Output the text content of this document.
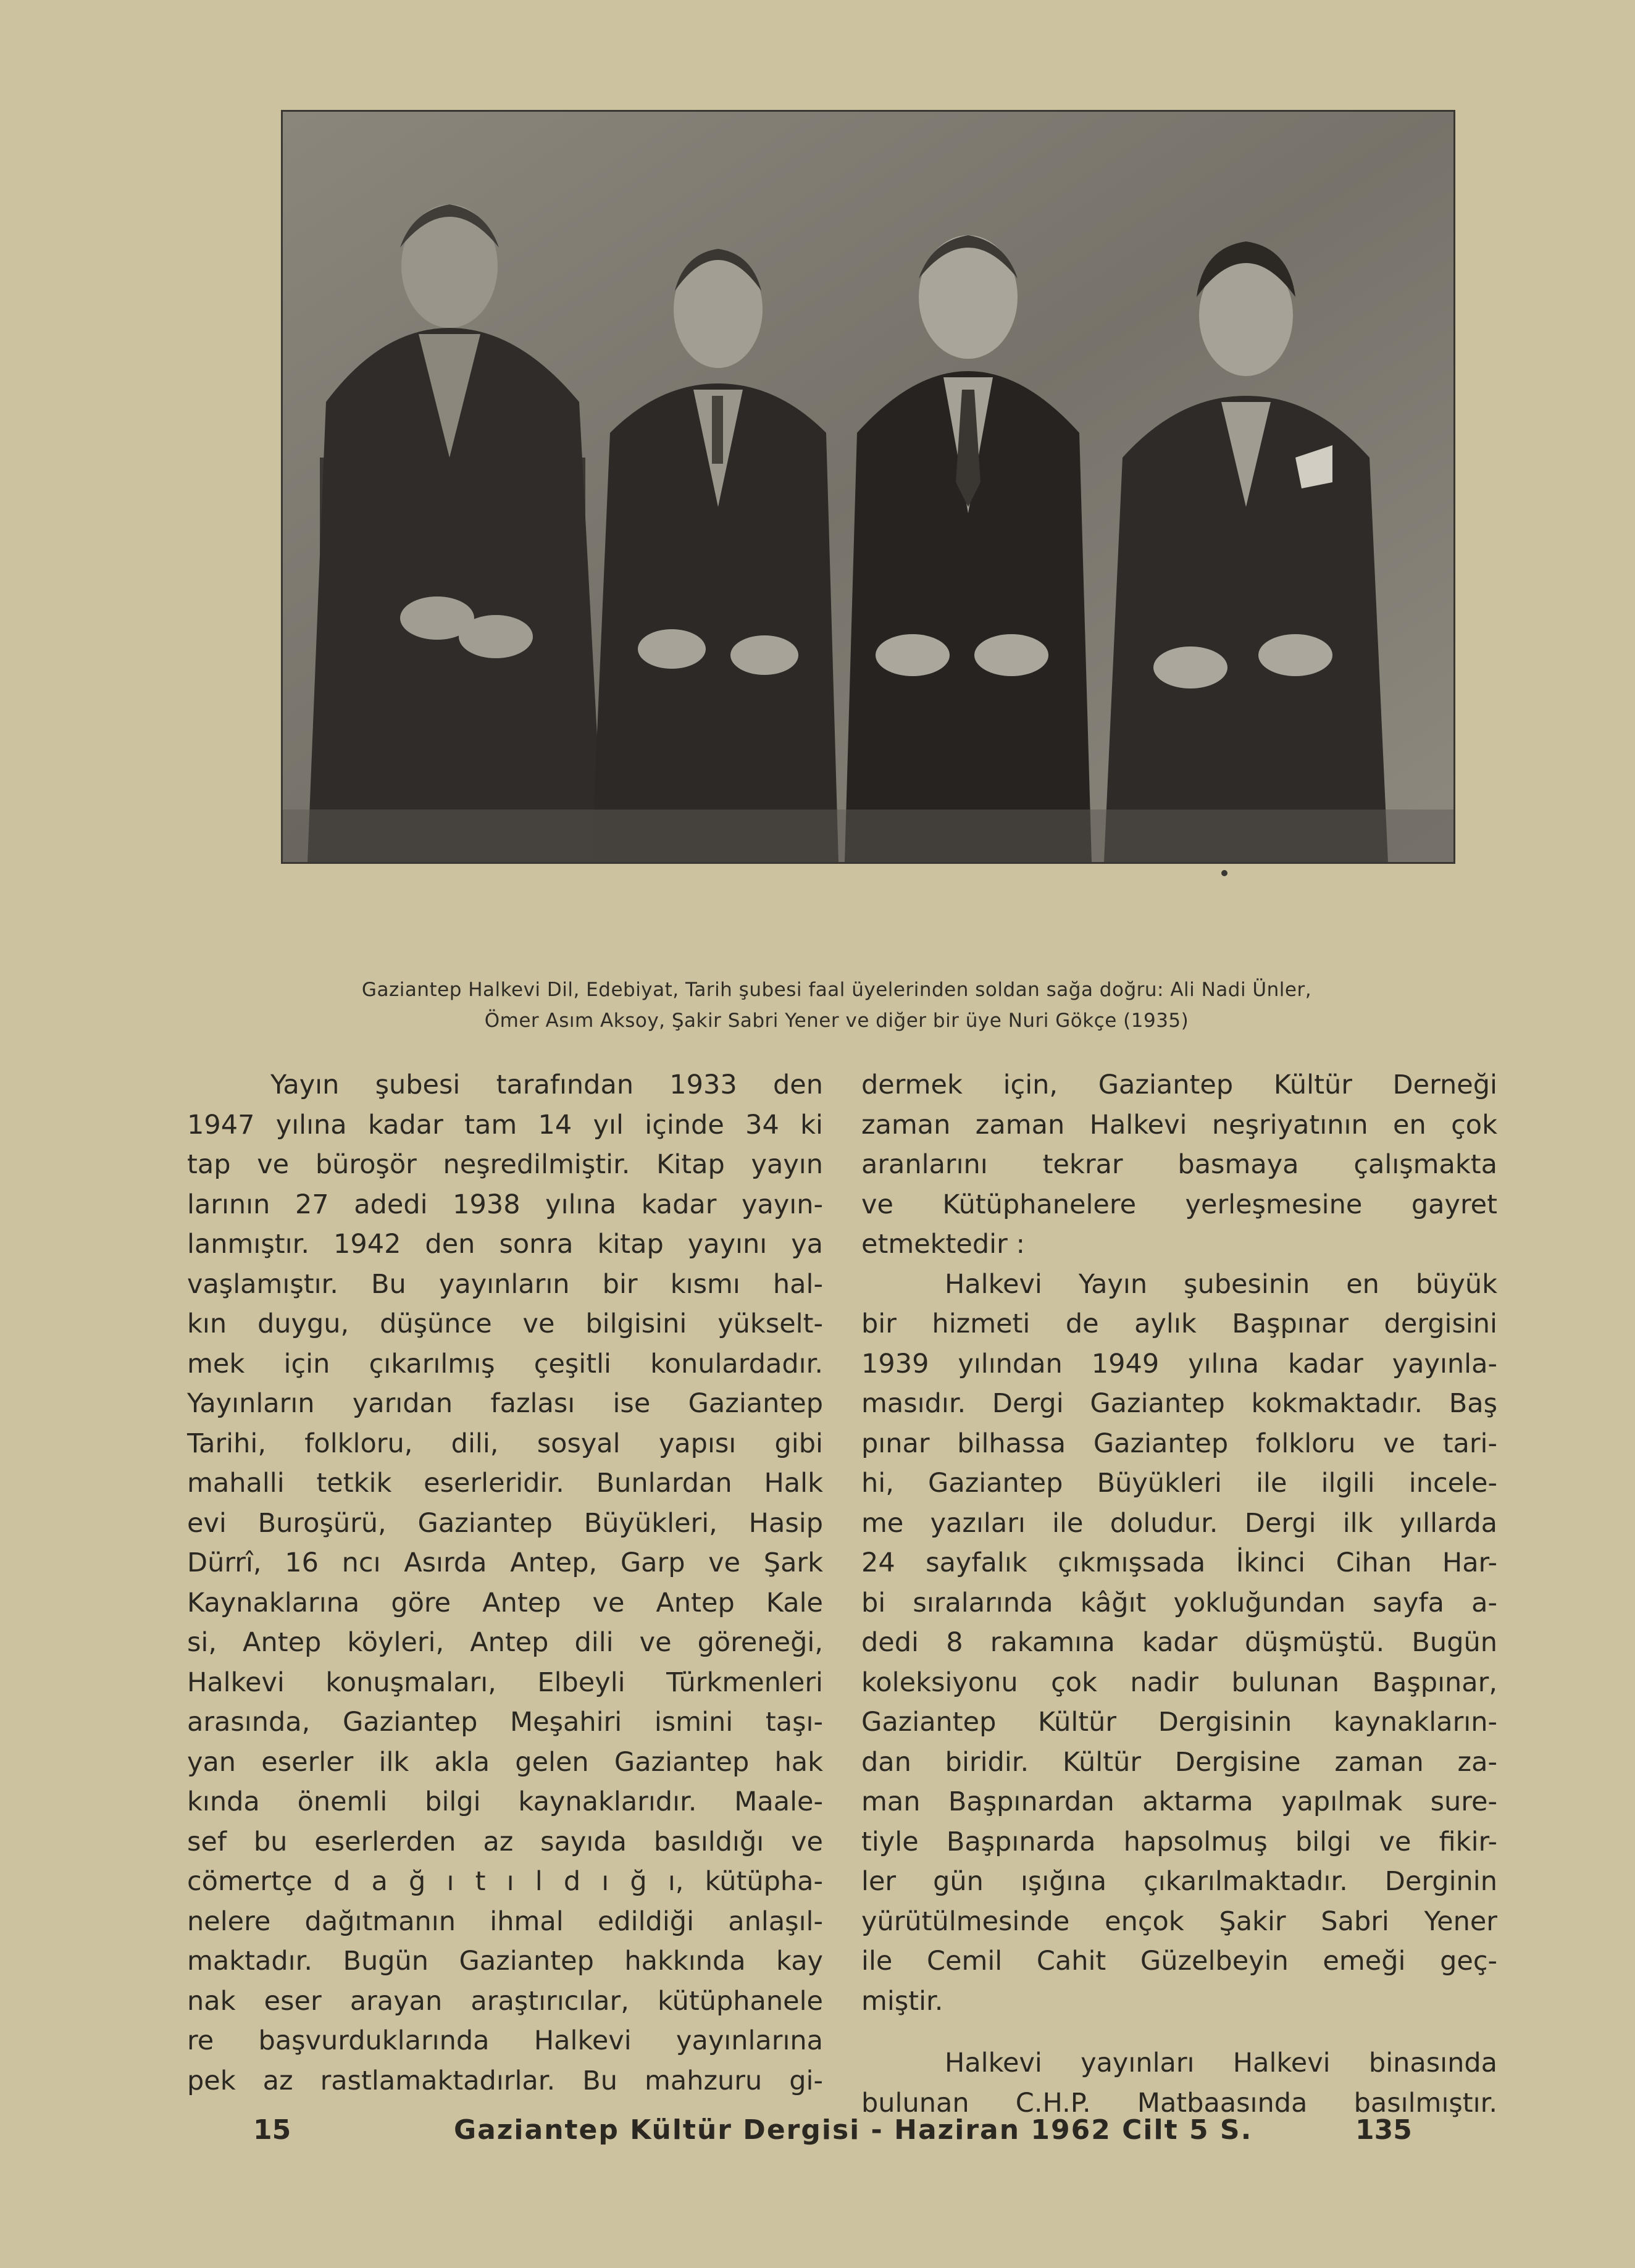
Gaziantep Halkevi Dil, Edebiyat, Tarih şubesi faal üyelerinden soldan sağa doğru: Ali Nadi Ünler,

Ömer Asım Aksoy, Şakir Sabri Yener ve diğer bir üye Nuri Gökçe (1935)

Yayın şubesi tarafından 1933 den
1947 yılına kadar tam 14 yıl içinde 34 ki
tap ve büroşör neşredilmiştir. Kitap yayın
larının 27 adedi 1938 yılına kadar yayın-
lanmıştır. 1942 den sonra kitap yayını ya
vaşlamıştır. Bu yayınların bir kısmı hal-
kın duygu, düşünce ve bilgisini yükselt-
mek için çıkarılmış çeşitli konulardadır.
Yayınların yarıdan fazlası ise Gaziantep
Tarihi, folkloru, dili, sosyal yapısı gibi
mahalli tetkik eserleridir. Bunlardan Halk
evi Buroşürü, Gaziantep Büyükleri, Hasip
Dürrî, 16 ncı Asırda Antep, Garp ve Şark
Kaynaklarına göre Antep ve Antep Kale
si, Antep köyleri, Antep dili ve göreneği,
Halkevi konuşmaları, Elbeyli Türkmenleri
arasında, Gaziantep Meşahiri ismini taşı-
yan eserler ilk akla gelen Gaziantep hak
kında önemli bilgi kaynaklarıdır. Maale-
sef bu eserlerden az sayıda basıldığı ve
cömertçe d a ğ ı t ı l d ı ğ ı, kütüpha-
nelere dağıtmanın ihmal edildiği anlaşıl-
maktadır. Bugün Gaziantep hakkında kay
nak eser arayan araştırıcılar, kütüphanele
re başvurduklarında Halkevi yayınlarına
pek az rastlamaktadırlar. Bu mahzuru gi-

dermek için, Gaziantep Kültür Derneği
zaman zaman Halkevi neşriyatının en çok
aranlarını tekrar basmaya çalışmakta
ve Kütüphanelere yerleşmesine gayret
etmektedir :

Halkevi Yayın şubesinin en büyük
bir hizmeti de aylık Başpınar dergisini
1939 yılından 1949 yılına kadar yayınla-
masıdır. Dergi Gaziantep kokmaktadır. Baş
pınar bilhassa Gaziantep folkloru ve tari-
hi, Gaziantep Büyükleri ile ilgili incele-
me yazıları ile doludur. Dergi ilk yıllarda
24 sayfalık çıkmışsada İkinci Cihan Har-
bi sıralarında kâğıt yokluğundan sayfa a-
dedi 8 rakamına kadar düşmüştü. Bugün
koleksiyonu çok nadir bulunan Başpınar,
Gaziantep Kültür Dergisinin kaynakların-
dan biridir. Kültür Dergisine zaman za-
man Başpınardan aktarma yapılmak sure-
tiyle Başpınarda hapsolmuş bilgi ve fikir-
ler gün ışığına çıkarılmaktadır. Derginin
yürütülmesinde ençok Şakir Sabri Yener
ile Cemil Cahit Güzelbeyin emeği geç-
miştir.

Halkevi yayınları Halkevi binasında
bulunan C.H.P. Matbaasında basılmıştır.

15	Gaziantep Kültür Dergisi - Haziran 1962 Cilt 5 S.	135
